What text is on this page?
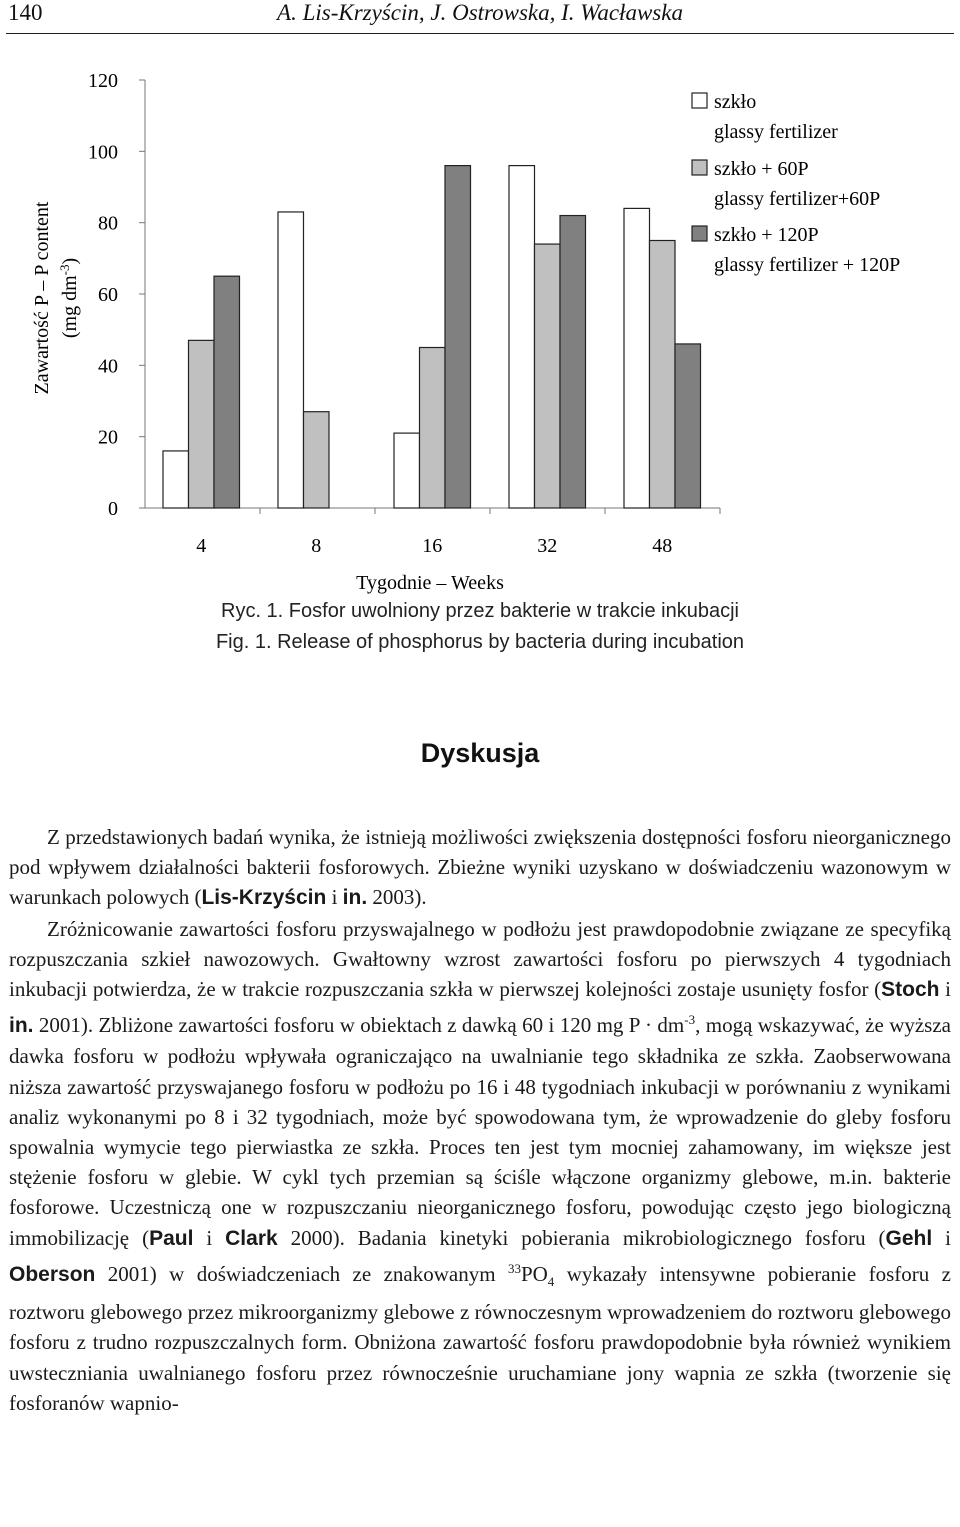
140	A. Lis-Krzyścin, J. Ostrowska, I. Wacławska
0
20
40
60
80
100
120
4	8	16	32	48
szkło
glassy fertilizer
szkło + 60P
glassy fertilizer+60P
szkło + 120P
glassy fertilizer + 120P
Zawartość P – P content (mg $dm^{-3}$)
Tygodnie – Weeks
Ryc. 1. Fosfor uwolniony przez bakterie w trakcie inkubacji
Fig. 1. Release of phosphorus by bacteria during incubation
Dyskusja

Z przedstawionych badań wynika, że istnieją możliwości zwiększenia dostępności fosforu nieorganicznego pod wpływem działalności bakterii fosforowych. Zbieżne wyniki uzyskano w doświadczeniu wazonowym w warunkach polowych (Lis-Krzyścin i in. 2003).

Zróżnicowanie zawartości fosforu przyswajalnego w podłożu jest prawdopodobnie związane ze specyfiką rozpuszczania szkieł nawozowych. Gwałtowny wzrost zawartości fosforu po pierwszych 4 tygodniach inkubacji potwierdza, że w trakcie rozpuszczania szkła w pierwszej kolejności zostaje usunięty fosfor (Stoch i in. 2001). Zbliżone zawartości fosforu w obiektach z dawką 60 i 120 mg $P \cdot dm^{-3}$, mogą wskazywać, że wyższa dawka fosforu w podłożu wpływała ograniczająco na uwalnianie tego składnika ze szkła. Zaobserwowana niższa zawartość przyswajanego fosforu w podłożu po 16 i 48 tygodniach inkubacji w porównaniu z wynikami analiz wykonanymi po 8 i 32 tygodniach, może być spowodowana tym, że wprowadzenie do gleby fosforu spowalnia wymycie tego pierwiastka ze szkła. Proces ten jest tym mocniej zahamowany, im większe jest stężenie fosforu w glebie. W cykl tych przemian są ściśle włączone organizmy glebowe, m.in. bakterie fosforowe. Uczestniczą one w rozpuszczaniu nieorganicznego fosforu, powodując często jego biologiczną immobilizację (Paul i Clark 2000). Badania kinetyki pobierania mikrobiologicznego fosforu (Gehl i Oberson 2001) w doświadczeniach ze znakowanym $^{33}PO_4$ wykazały intensywne pobieranie fosforu z roztworu glebowego przez mikroorganizmy glebowe z równoczesnym wprowadzeniem do roztworu glebowego fosforu z trudno rozpuszczalnych form. Obniżona zawartość fosforu prawdopodobnie była również wynikiem uwsteczniania uwalnianego fosforu przez równocześnie uruchamiane jony wapnia ze szkła (tworzenie się fosforanów wapnio-
